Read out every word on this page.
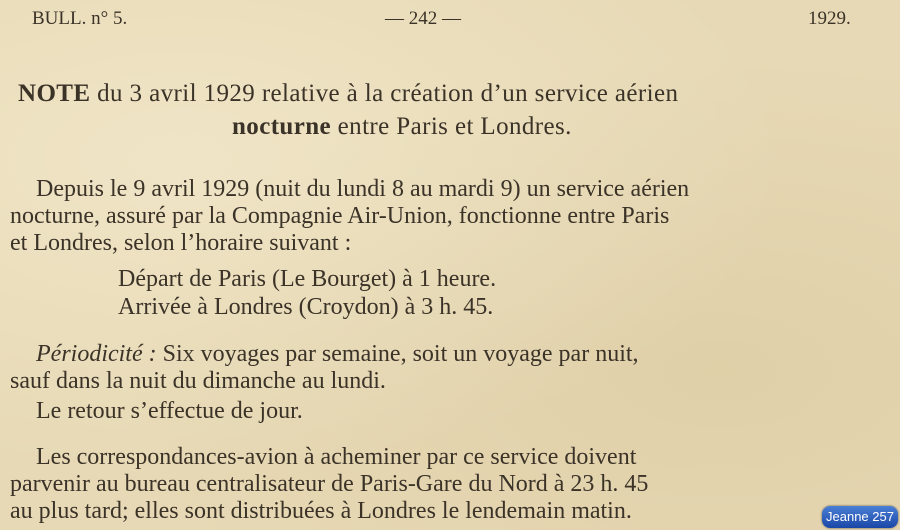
BULL. n° 5.	— 242 —	1929.
NOTE du 3 avril 1929 relative à la création d’un service aérien
nocturne entre Paris et Londres.
Depuis le 9 avril 1929 (nuit du lundi 8 au mardi 9) un service aérien
nocturne, assuré par la Compagnie Air-Union, fonctionne entre Paris
et Londres, selon l’horaire suivant :
Départ de Paris (Le Bourget) à 1 heure.
Arrivée à Londres (Croydon) à 3 h. 45.
Périodicité : Six voyages par semaine, soit un voyage par nuit,
sauf dans la nuit du dimanche au lundi.
Le retour s’effectue de jour.
Les correspondances-avion à acheminer par ce service doivent
parvenir au bureau centralisateur de Paris-Gare du Nord à 23 h. 45
au plus tard; elles sont distribuées à Londres le lendemain matin.	Jeanne 257
